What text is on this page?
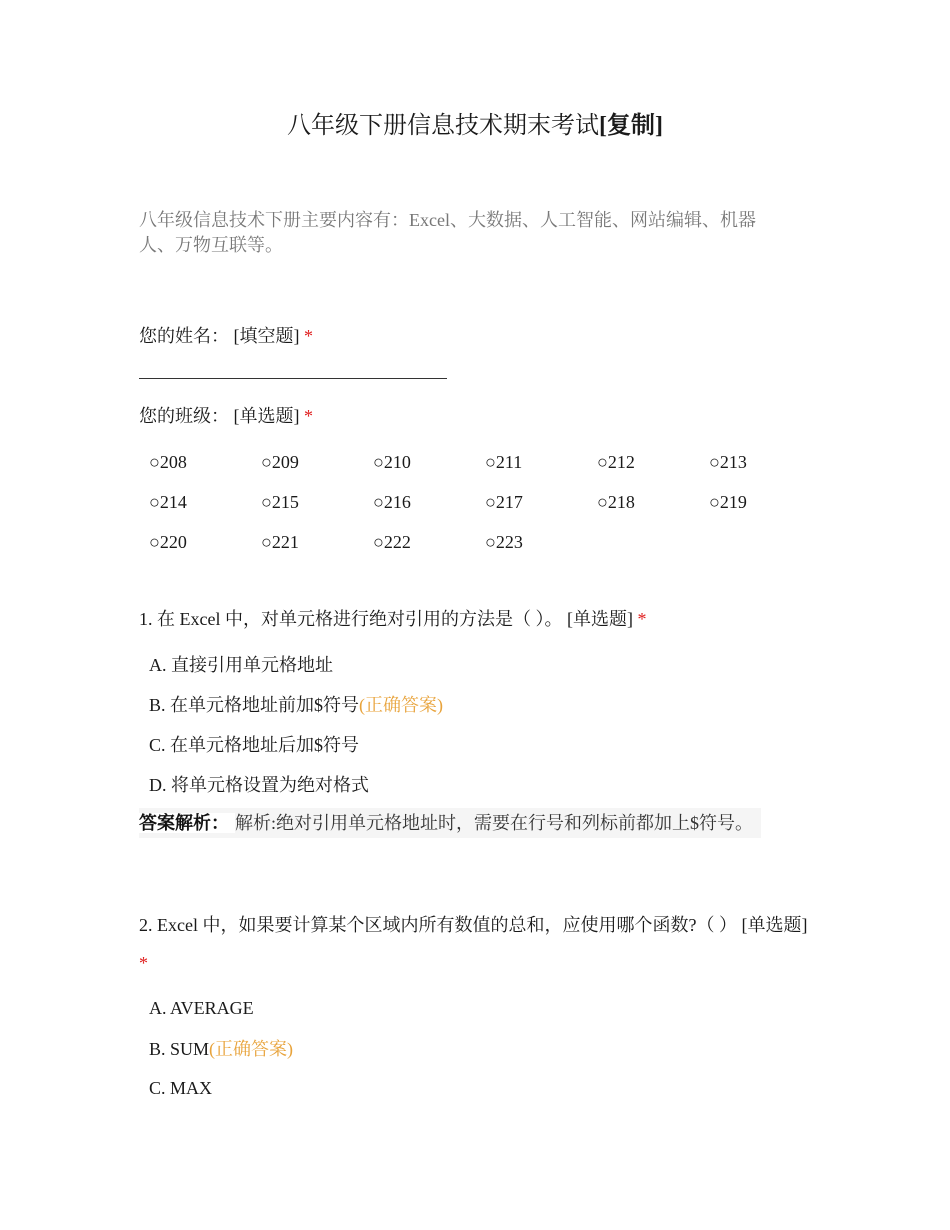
八年级下册信息技术期末考试[复制]
八年级信息技术下册主要内容有：Excel、大数据、人工智能、网站编辑、机器人、万物互联等。
您的姓名： [填空题] *
您的班级： [单选题] *
○208	○209	○210	○211	○212	○213
○214	○215	○216	○217	○218	○219
○220	○221	○222	○223
1. 在 Excel 中，对单元格进行绝对引用的方法是（ ）。 [单选题] *
A. 直接引用单元格地址
B. 在单元格地址前加$符号(正确答案)
C. 在单元格地址后加$符号
D. 将单元格设置为绝对格式
答案解析： 解析:绝对引用单元格地址时，需要在行号和列标前都加上$符号。
2. Excel 中，如果要计算某个区域内所有数值的总和，应使用哪个函数?（ ） [单选题] *
A. AVERAGE
B. SUM(正确答案)
C. MAX
